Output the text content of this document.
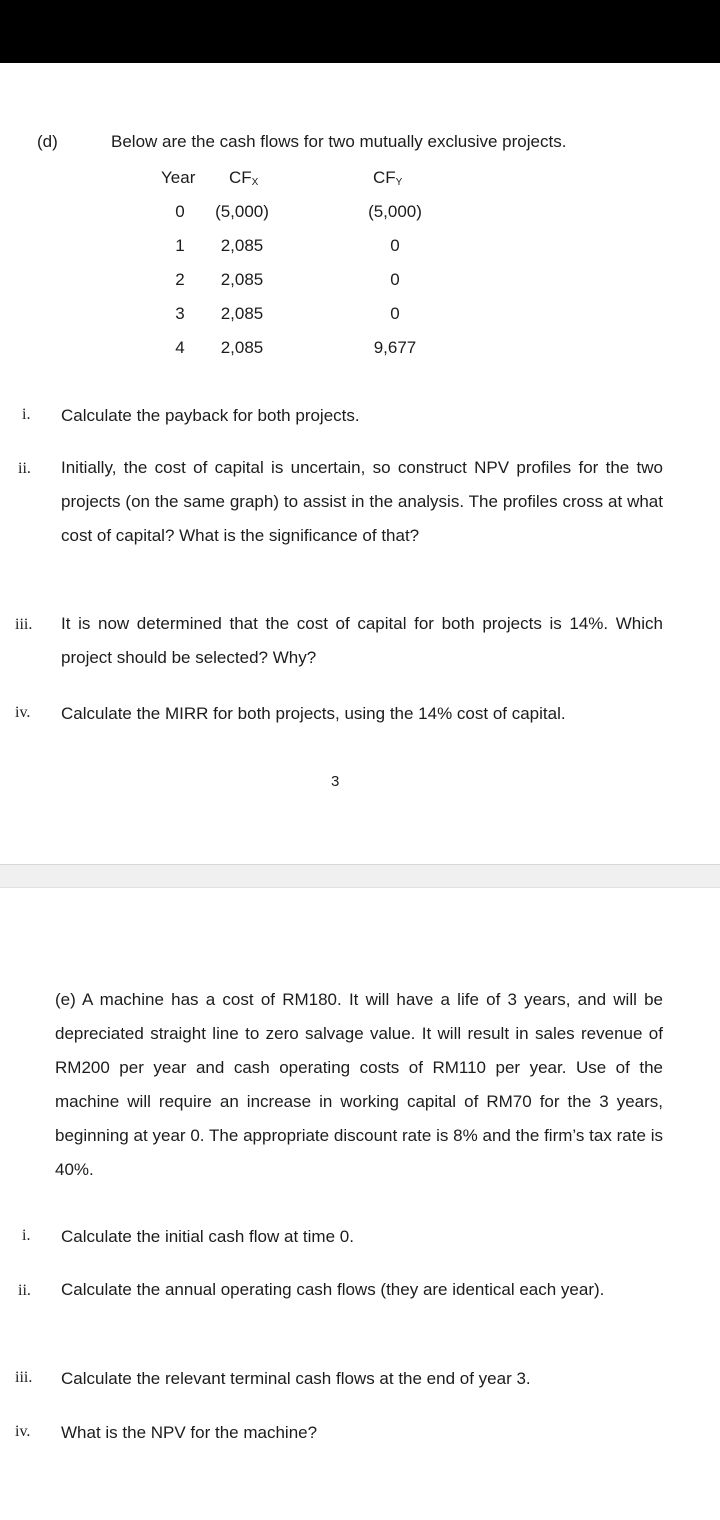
(d)	Below are the cash flows for two mutually exclusive projects.
Year $CF_X$	$CF_Y$
0	(5,000)	(5,000)
1	2,085	0
2	2,085	0
3	2,085	0
4	2,085	9,677
i. Calculate the payback for both projects.
ii. Initially, the cost of capital is uncertain, so construct NPV profiles for the two projects (on the same graph) to assist in the analysis. The profiles cross at what cost of capital? What is the significance of that?
iii. It is now determined that the cost of capital for both projects is 14%. Which project should be selected? Why?
iv. Calculate the MIRR for both projects, using the 14% cost of capital.
3
(e) A machine has a cost of RM180. It will have a life of 3 years, and will be depreciated straight line to zero salvage value. It will result in sales revenue of RM200 per year and cash operating costs of RM110 per year. Use of the machine will require an increase in working capital of RM70 for the 3 years, beginning at year 0. The appropriate discount rate is 8% and the firm’s tax rate is 40%.
i. Calculate the initial cash flow at time 0.
ii. Calculate the annual operating cash flows (they are identical each year).
iii. Calculate the relevant terminal cash flows at the end of year 3.
iv. What is the NPV for the machine?
